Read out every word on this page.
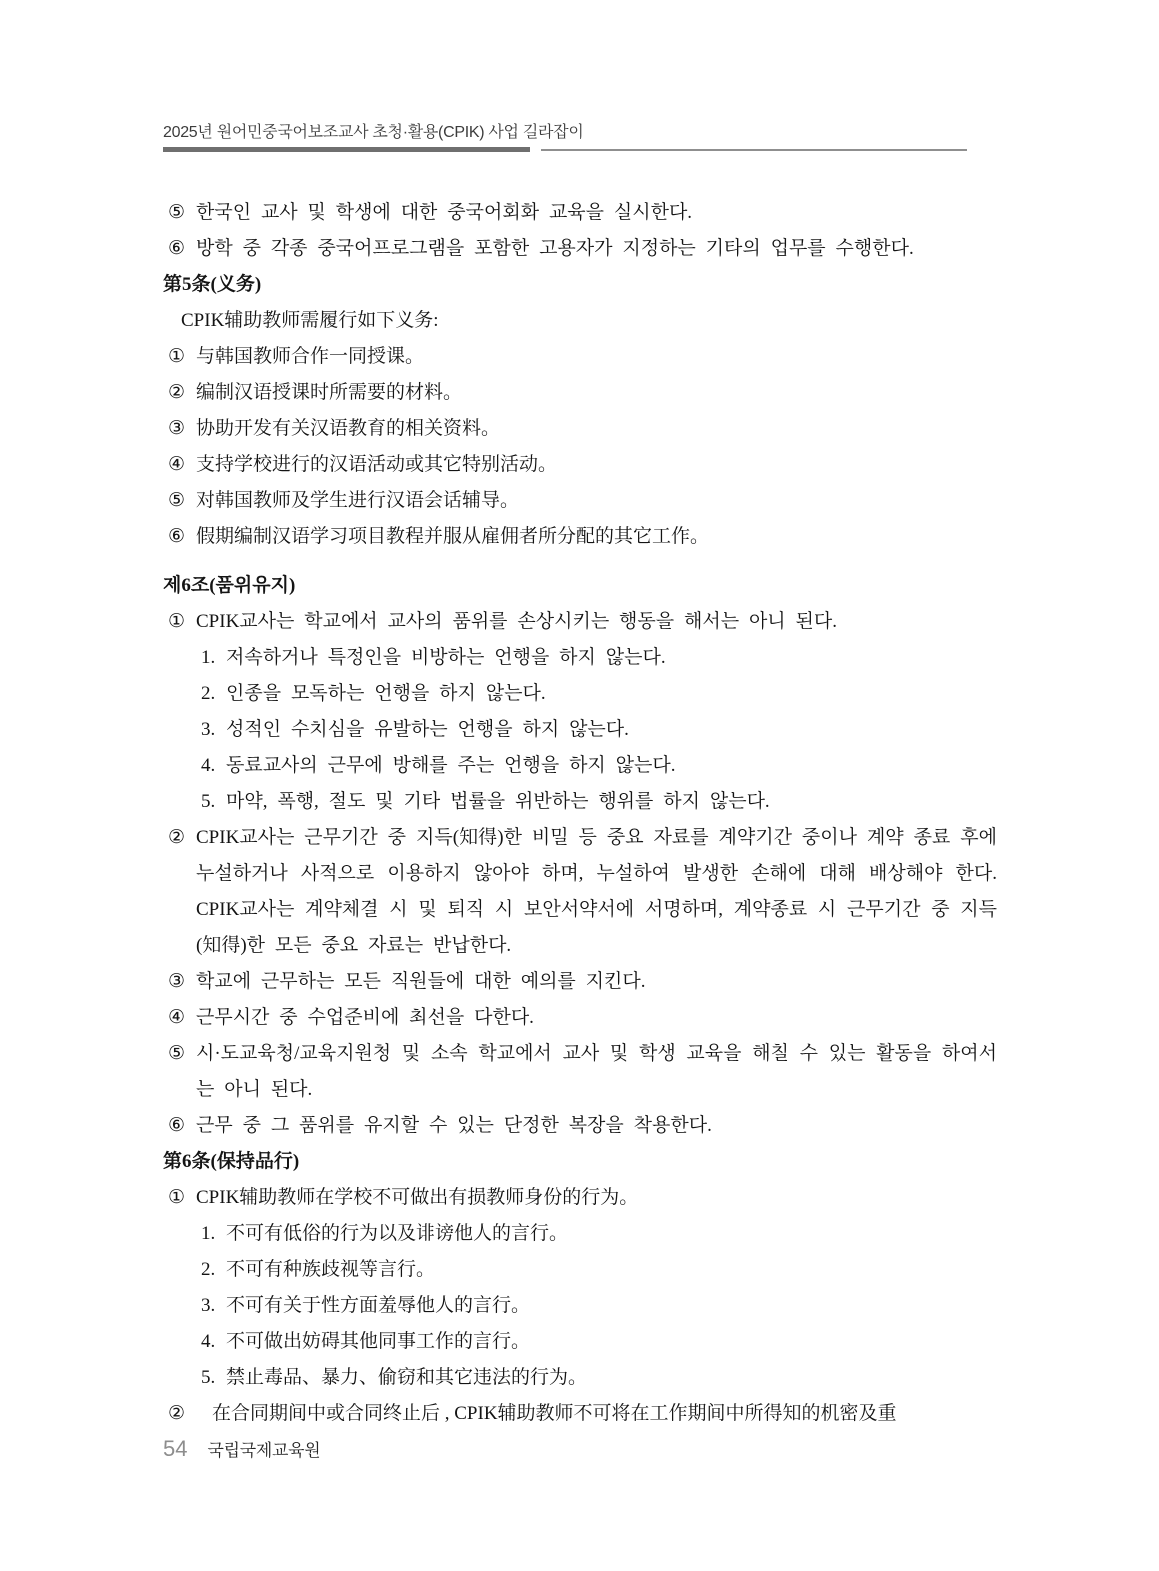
2025년 원어민중국어보조교사 초청·활용(CPIK) 사업 길라잡이
⑤ 한국인 교사 및 학생에 대한 중국어회화 교육을 실시한다.
⑥ 방학 중 각종 중국어프로그램을 포함한 고용자가 지정하는 기타의 업무를 수행한다.
第5条(义务)
CPIK辅助教师需履行如下义务:
① 与韩国教师合作一同授课。
② 编制汉语授课时所需要的材料。
③ 协助开发有关汉语教育的相关资料。
④ 支持学校进行的汉语活动或其它特别活动。
⑤ 对韩国教师及学生进行汉语会话辅导。
⑥ 假期编制汉语学习项目教程并服从雇佣者所分配的其它工作。
제6조(품위유지)
① CPIK교사는 학교에서 교사의 품위를 손상시키는 행동을 해서는 아니 된다.
1. 저속하거나 특정인을 비방하는 언행을 하지 않는다.
2. 인종을 모독하는 언행을 하지 않는다.
3. 성적인 수치심을 유발하는 언행을 하지 않는다.
4. 동료교사의 근무에 방해를 주는 언행을 하지 않는다.
5. 마약, 폭행, 절도 및 기타 법률을 위반하는 행위를 하지 않는다.
② CPIK교사는 근무기간 중 지득(知得)한 비밀 등 중요 자료를 계약기간 중이나 계약 종료 후에 누설하거나 사적으로 이용하지 않아야 하며, 누설하여 발생한 손해에 대해 배상해야 한다. CPIK교사는 계약체결 시 및 퇴직 시 보안서약서에 서명하며, 계약종료 시 근무기간 중 지득(知得)한 모든 중요 자료는 반납한다.
③ 학교에 근무하는 모든 직원들에 대한 예의를 지킨다.
④ 근무시간 중 수업준비에 최선을 다한다.
⑤ 시·도교육청/교육지원청 및 소속 학교에서 교사 및 학생 교육을 해칠 수 있는 활동을 하여서는 아니 된다.
⑥ 근무 중 그 품위를 유지할 수 있는 단정한 복장을 착용한다.
第6条(保持品行)
① CPIK辅助教师在学校不可做出有损教师身份的行为。
1. 不可有低俗的行为以及诽谤他人的言行。
2. 不可有种族歧视等言行。
3. 不可有关于性方面羞辱他人的言行。
4. 不可做出妨碍其他同事工作的言行。
5. 禁止毒品、暴力、偷窃和其它违法的行为。
②	在合同期间中或合同终止后 , CPIK辅助教师不可将在工作期间中所得知的机密及重
54 국립국제교육원
